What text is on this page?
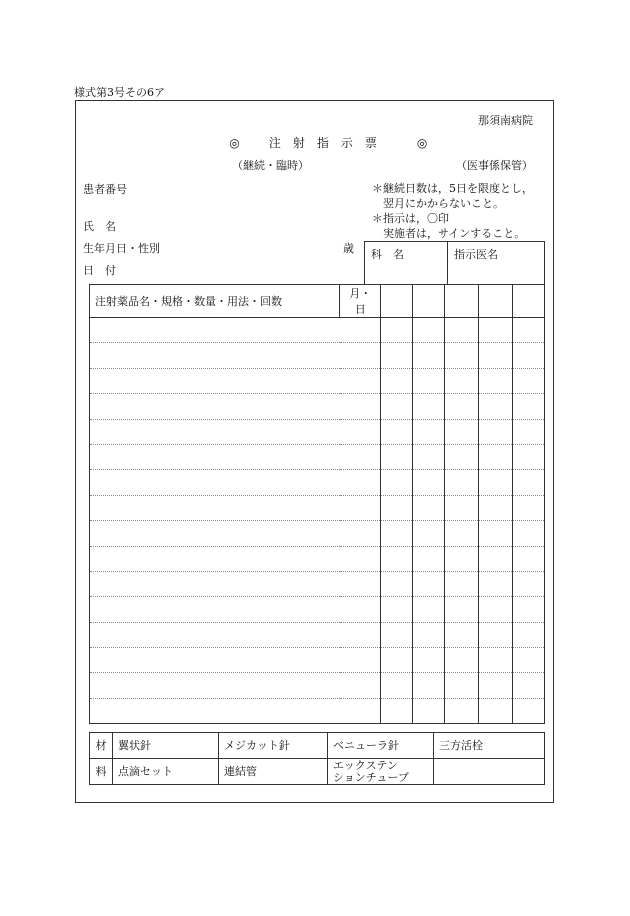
様式第3号その6ア
那須南病院
◎ 注射指示票 ◎
（継続・臨時）	（医事係保管）
患者番号
氏　名
生年月日・性別	歳
日　付
＊継続日数は，5日を限度とし，
　翌月にかからないこと。
＊指示は，〇印
　実施者は，サインすること。
科　名	指示医名
注射薬品名・規格・数量・用法・回数	月・日					

材	翼状針	メジカット針	ベニューラ針	三方活栓
料	点滴セット	連結管	エックステン
ションチューブ	
